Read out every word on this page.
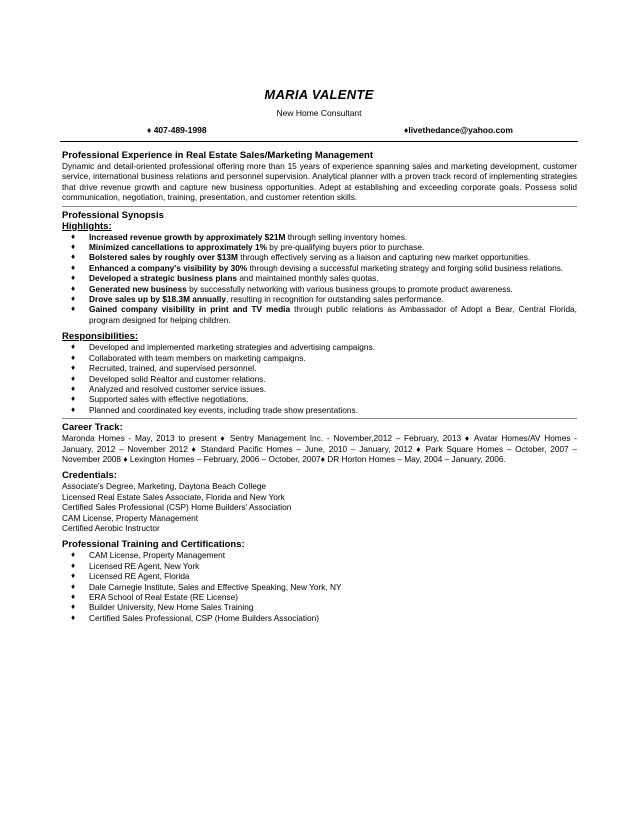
MARIA VALENTE
New Home Consultant
♦ 407-489-1998	♦livethedance@yahoo.com
Professional Experience in Real Estate Sales/Marketing Management

Dynamic and detail-oriented professional offering more than 15 years of experience spanning sales and marketing development, customer service, international business relations and personnel supervision. Analytical planner with a proven track record of implementing strategies that drive revenue growth and capture new business opportunities. Adept at establishing and exceeding corporate goals. Possess solid communication, negotiation, training, presentation, and customer retention skills.

Professional Synopsis
Highlights:
♦ Increased revenue growth by approximately $21M through selling inventory homes.
♦ Minimized cancellations to approximately 1% by pre-qualifying buyers prior to purchase.
♦ Bolstered sales by roughly over $13M through effectively serving as a liaison and capturing new market opportunities.
♦ Enhanced a company's visibility by 30% through devising a successful marketing strategy and forging solid business relations.
♦ Developed a strategic business plans and maintained monthly sales quotas.
♦ Generated new business by successfully networking with various business groups to promote product awareness.
♦ Drove sales up by $18.3M annually, resulting in recognition for outstanding sales performance.
♦ Gained company visibility in print and TV media through public relations as Ambassador of Adopt a Bear, Central Florida, program designed for helping children.
Responsibilities:
♦ Developed and implemented marketing strategies and advertising campaigns.
♦ Collaborated with team members on marketing campaigns.
♦ Recruited, trained, and supervised personnel.
♦ Developed solid Realtor and customer relations.
♦ Analyzed and resolved customer service issues.
♦ Supported sales with effective negotiations.
♦ Planned and coordinated key events, including trade show presentations.
Career Track:

Maronda Homes - May, 2013 to present ♦ Sentry Management Inc. - November,2012 – February, 2013 ♦ Avatar Homes/AV Homes - January, 2012 – November 2012 ♦ Standard Pacific Homes – June, 2010 – January, 2012 ♦ Park Square Homes – October, 2007 – November 2008 ♦ Lexington Homes – February, 2006 – October, 2007♦ DR Horton Homes – May, 2004 – January, 2006.

Credentials:
Associate's Degree, Marketing, Daytona Beach College
Licensed Real Estate Sales Associate, Florida and New York
Certified Sales Professional (CSP) Home Builders' Association
CAM License, Property Management
Certified Aerobic Instructor
Professional Training and Certifications:
♦ CAM License, Property Management
♦ Licensed RE Agent, New York
♦ Licensed RE Agent, Florida
♦ Dale Carnegie Institute, Sales and Effective Speaking, New York, NY
♦ ERA School of Real Estate (RE License)
♦ Builder University, New Home Sales Training
♦ Certified Sales Professional, CSP (Home Builders Association)
